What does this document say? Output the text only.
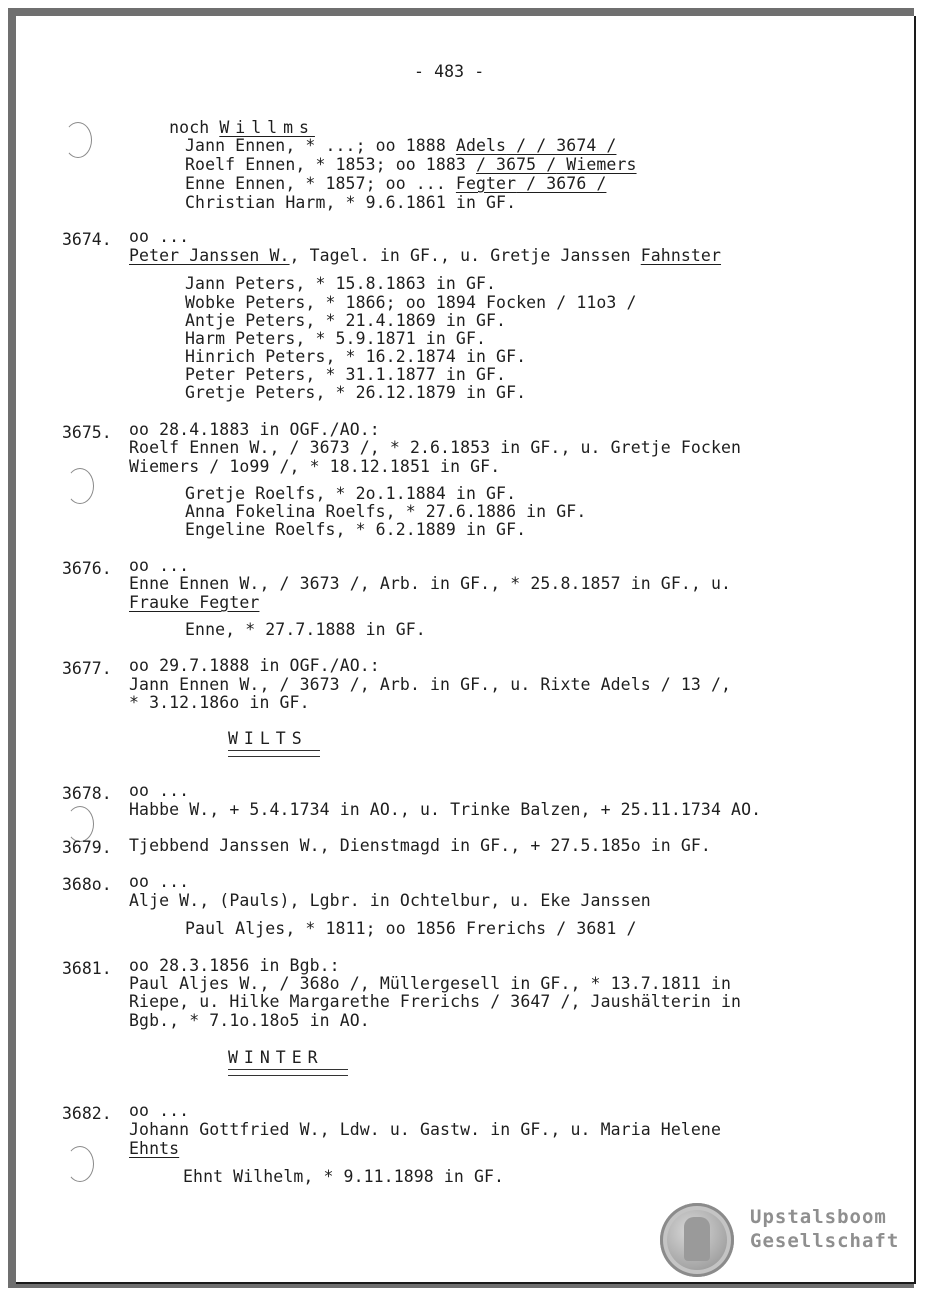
- 483 -

noch Willms

Jann Ennen, * ...; oo 1888 Adels / / 3674 /
Roelf Ennen, * 1853; oo 1883 / 3675 / Wiemers
Enne Ennen, * 1857; oo ... Fegter / 3676 /
Christian Harm, * 9.6.1861 in GF.
3674. oo ...
Peter Janssen W., Tagel. in GF., u. Gretje Janssen Fahnster
Jann Peters, * 15.8.1863 in GF.
Wobke Peters, * 1866; oo 1894 Focken / 11o3 /
Antje Peters, * 21.4.1869 in GF.
Harm Peters, * 5.9.1871 in GF.
Hinrich Peters, * 16.2.1874 in GF.
Peter Peters, * 31.1.1877 in GF.
Gretje Peters, * 26.12.1879 in GF.
3675. oo 28.4.1883 in OGF./AO.:
Roelf Ennen W., / 3673 /, * 2.6.1853 in GF., u. Gretje Focken
Wiemers / 1o99 /, * 18.12.1851 in GF.
Gretje Roelfs, * 2o.1.1884 in GF.
Anna Fokelina Roelfs, * 27.6.1886 in GF.
Engeline Roelfs, * 6.2.1889 in GF.
3676. oo ...
Enne Ennen W., / 3673 /, Arb. in GF., * 25.8.1857 in GF., u.
Frauke Fegter
Enne, * 27.7.1888 in GF.
3677. oo 29.7.1888 in OGF./AO.:
Jann Ennen W., / 3673 /, Arb. in GF., u. Rixte Adels / 13 /,
* 3.12.186o in GF.
WILTS
3678. oo ...
Habbe W., + 5.4.1734 in AO., u. Trinke Balzen, + 25.11.1734 AO.
3679. Tjebbend Janssen W., Dienstmagd in GF., + 27.5.185o in GF.
368o. oo ...
Alje W., (Pauls), Lgbr. in Ochtelbur, u. Eke Janssen
Paul Aljes, * 1811; oo 1856 Frerichs / 3681 /
3681. oo 28.3.1856 in Bgb.:
Paul Aljes W., / 368o /, Müllergesell in GF., * 13.7.1811 in
Riepe, u. Hilke Margarethe Frerichs / 3647 /, Jaushälterin in
Bgb., * 7.1o.18o5 in AO.
WINTER
3682. oo ...
Johann Gottfried W., Ldw. u. Gastw. in GF., u. Maria Helene
Ehnts
Ehnt Wilhelm, * 9.11.1898 in GF.
Upstalsboom
Gesellschaft
